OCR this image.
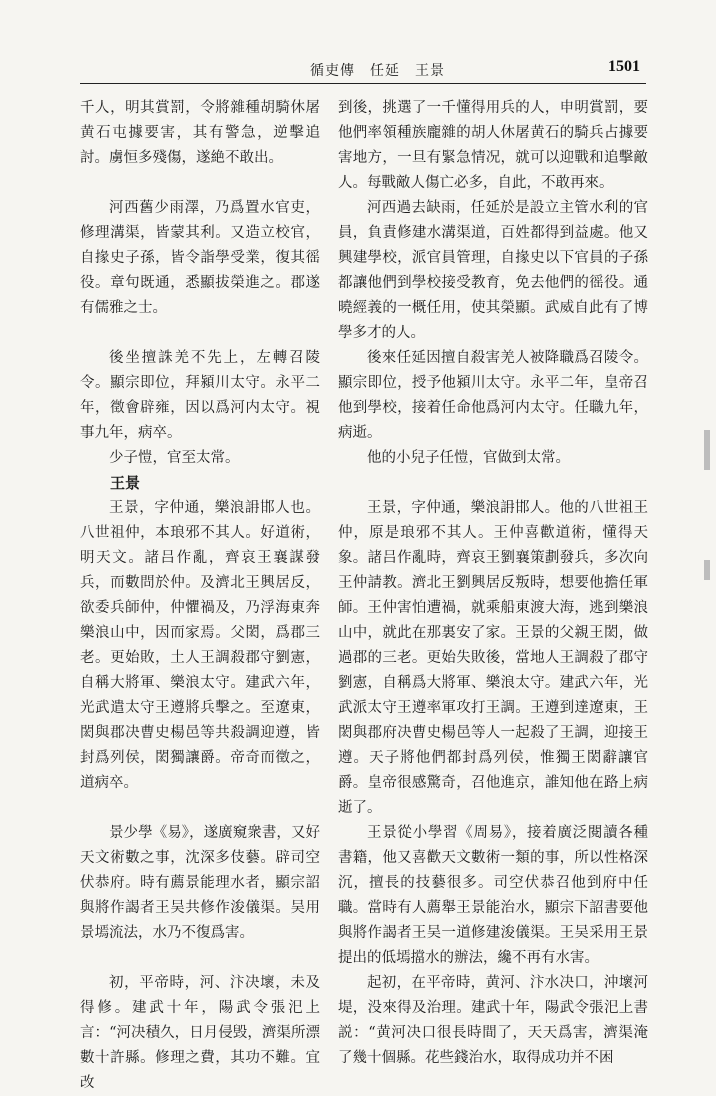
循吏傳　任延　王景	1501

千人，明其賞罰，令將雜種胡騎休屠黄石屯據要害，其有警急，逆擊追討。虜恒多殘傷，遂絶不敢出。

河西舊少雨澤，乃爲置水官吏，修理溝渠，皆蒙其利。又造立校官，自掾史子孫，皆令詣學受業，復其徭役。章句既通，悉顯拔榮進之。郡遂有儒雅之士。

後坐擅誅羌不先上，左轉召陵令。顯宗即位，拜潁川太守。永平二年，徵會辟雍，因以爲河内太守。視事九年，病卒。

少子愷，官至太常。

王景

王景，字仲通，樂浪䛁邯人也。八世祖仲，本琅邪不其人。好道術，明天文。諸吕作亂，齊哀王襄謀發兵，而數問於仲。及濟北王興居反，欲委兵師仲，仲懼禍及，乃浮海東奔樂浪山中，因而家焉。父閎，爲郡三老。更始敗，土人王調殺郡守劉憲，自稱大將軍、樂浪太守。建武六年，光武遣太守王遵將兵擊之。至遼東，閎與郡决曹史楊邑等共殺調迎遵，皆封爲列侯，閎獨讓爵。帝奇而徵之，道病卒。

景少學《易》，遂廣窺衆書，又好天文術數之事，沈深多伎藝。辟司空伏恭府。時有薦景能理水者，顯宗詔與將作謁者王吴共修作浚儀渠。吴用景墕流法，水乃不復爲害。

初，平帝時，河、汴决壞，未及得修。建武十年，陽武令張汜上言：“河决積久，日月侵毁，濟渠所漂數十許縣。修理之費，其功不難。宜改

到後，挑選了一千懂得用兵的人，申明賞罰，要他們率領種族龐雜的胡人休屠黄石的騎兵占據要害地方，一旦有緊急情况，就可以迎戰和追擊敵人。每戰敵人傷亡必多，自此，不敢再來。

河西過去缺雨，任延於是設立主管水利的官員，負責修建水溝渠道，百姓都得到益處。他又興建學校，派官員管理，自掾史以下官員的子孫都讓他們到學校接受教育，免去他們的徭役。通曉經義的一概任用，使其榮顯。武威自此有了博學多才的人。

後來任延因擅自殺害羌人被降職爲召陵令。顯宗即位，授予他潁川太守。永平二年，皇帝召他到學校，接着任命他爲河内太守。任職九年，病逝。

他的小兒子任愷，官做到太常。

王景，字仲通，樂浪䛁邯人。他的八世祖王仲，原是琅邪不其人。王仲喜歡道術，懂得天象。諸吕作亂時，齊哀王劉襄策劃發兵，多次向王仲請教。濟北王劉興居反叛時，想要他擔任軍師。王仲害怕遭禍，就乘船東渡大海，逃到樂浪山中，就此在那裏安了家。王景的父親王閎，做過郡的三老。更始失敗後，當地人王調殺了郡守劉憲，自稱爲大將軍、樂浪太守。建武六年，光武派太守王遵率軍攻打王調。王遵到達遼東，王閎與郡府决曹史楊邑等人一起殺了王調，迎接王遵。天子將他們都封爲列侯，惟獨王閎辭讓官爵。皇帝很感驚奇，召他進京，誰知他在路上病逝了。

王景從小學習《周易》，接着廣泛閱讀各種書籍，他又喜歡天文數術一類的事，所以性格深沉，擅長的技藝很多。司空伏恭召他到府中任職。當時有人薦舉王景能治水，顯宗下詔書要他與將作謁者王吴一道修建浚儀渠。王吴采用王景提出的低墕擋水的辦法，纔不再有水害。

起初，在平帝時，黄河、汴水决口，沖壞河堤，没來得及治理。建武十年，陽武令張汜上書説：“黄河决口很長時間了，天天爲害，濟渠淹了幾十個縣。花些錢治水，取得成功并不困
